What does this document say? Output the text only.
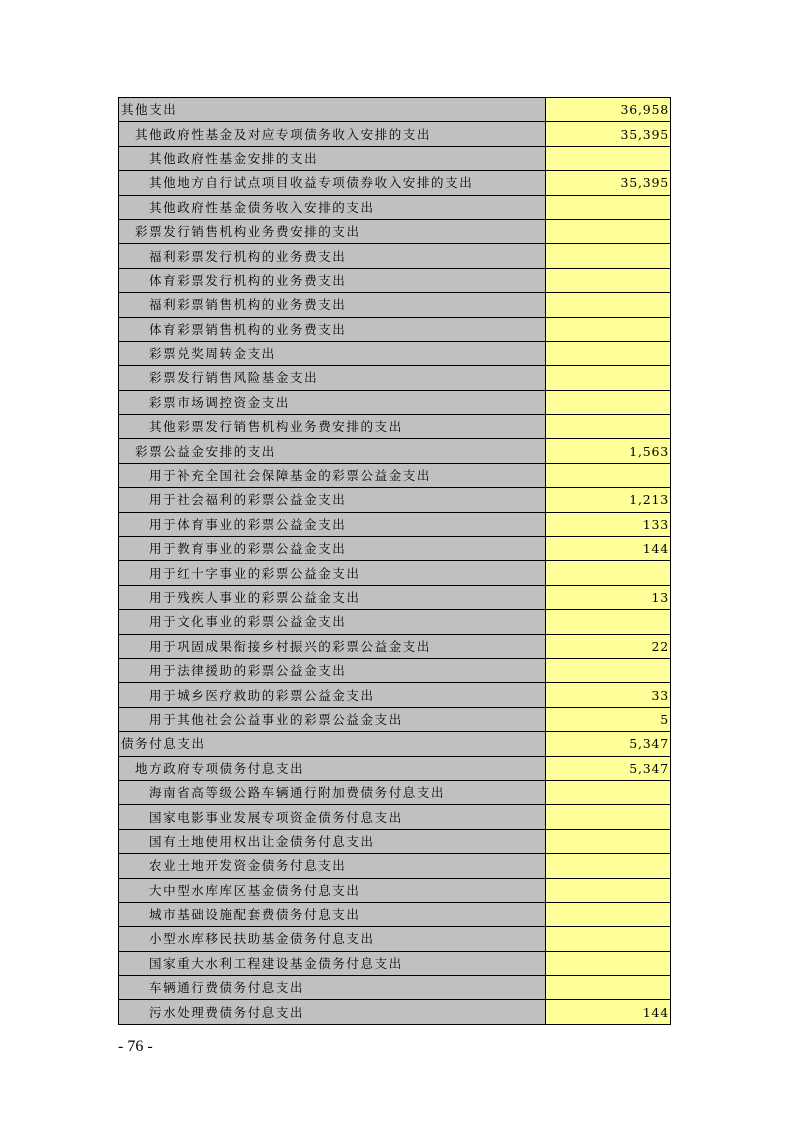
其他支出	36,958
其他政府性基金及对应专项债务收入安排的支出	35,395
其他政府性基金安排的支出	
其他地方自行试点项目收益专项债券收入安排的支出	35,395
其他政府性基金债务收入安排的支出	
彩票发行销售机构业务费安排的支出	
福利彩票发行机构的业务费支出	
体育彩票发行机构的业务费支出	
福利彩票销售机构的业务费支出	
体育彩票销售机构的业务费支出	
彩票兑奖周转金支出	
彩票发行销售风险基金支出	
彩票市场调控资金支出	
其他彩票发行销售机构业务费安排的支出	
彩票公益金安排的支出	1,563
用于补充全国社会保障基金的彩票公益金支出	
用于社会福利的彩票公益金支出	1,213
用于体育事业的彩票公益金支出	133
用于教育事业的彩票公益金支出	144
用于红十字事业的彩票公益金支出	
用于残疾人事业的彩票公益金支出	13
用于文化事业的彩票公益金支出	
用于巩固成果衔接乡村振兴的彩票公益金支出	22
用于法律援助的彩票公益金支出	
用于城乡医疗救助的彩票公益金支出	33
用于其他社会公益事业的彩票公益金支出	5
债务付息支出	5,347
地方政府专项债务付息支出	5,347
海南省高等级公路车辆通行附加费债务付息支出	
国家电影事业发展专项资金债务付息支出	
国有土地使用权出让金债务付息支出	
农业土地开发资金债务付息支出	
大中型水库库区基金债务付息支出	
城市基础设施配套费债务付息支出	
小型水库移民扶助基金债务付息支出	
国家重大水利工程建设基金债务付息支出	
车辆通行费债务付息支出	
污水处理费债务付息支出	144
- 76 -
